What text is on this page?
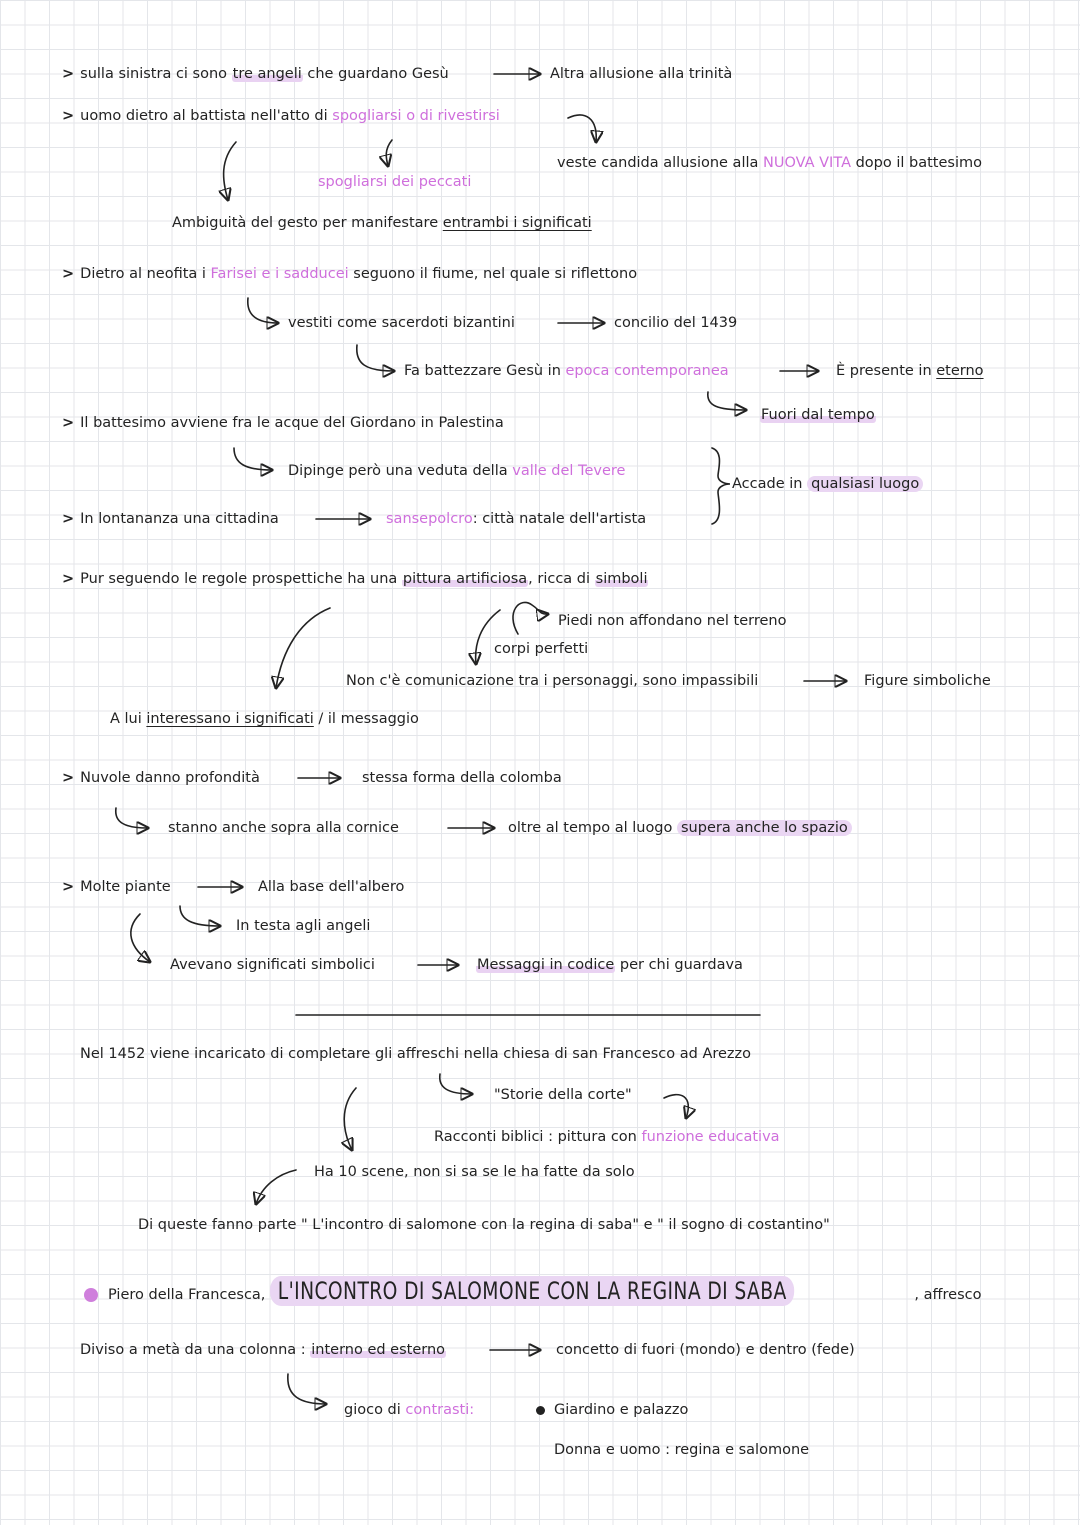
> sulla sinistra ci sono tre angeli che guardano Gesù	Altra allusione alla trinità
> uomo dietro al battista nell'atto di spogliarsi o di rivestirsi
veste candida allusione alla NUOVA VITA dopo il battesimo
spogliarsi dei peccati
Ambiguità del gesto per manifestare entrambi i significati
> Dietro al neofita i Farisei e i sadducei seguono il fiume, nel quale si riflettono
vestiti come sacerdoti bizantini	concilio del 1439
Fa battezzare Gesù in epoca contemporanea	È presente in eterno
Fuori dal tempo
> Il battesimo avviene fra le acque del Giordano in Palestina
Dipinge però una veduta della valle del Tevere
Accade in qualsiasi luogo
> In lontananza una cittadina	sansepolcro: città natale dell'artista
> Pur seguendo le regole prospettiche ha una pittura artificiosa, ricca di simboli
Piedi non affondano nel terreno
corpi perfetti
Non c'è comunicazione tra i personaggi, sono impassibili	Figure simboliche
A lui interessano i significati / il messaggio
> Nuvole danno profondità	stessa forma della colomba
stanno anche sopra alla cornice	oltre al tempo al luogo supera anche lo spazio
> Molte piante	Alla base dell'albero
In testa agli angeli
Avevano significati simbolici	Messaggi in codice per chi guardava
Nel 1452 viene incaricato di completare gli affreschi nella chiesa di san Francesco ad Arezzo
"Storie della corte"
Racconti biblici : pittura con funzione educativa
Ha 10 scene, non si sa se le ha fatte da solo
Di queste fanno parte " L'incontro di salomone con la regina di saba" e " il sogno di costantino"
Piero della Francesca, L'INCONTRO DI SALOMONE CON LA REGINA DI SABA	, affresco
Diviso a metà da una colonna : interno ed esterno	concetto di fuori (mondo) e dentro (fede)
gioco di contrasti:	Giardino e palazzo
Donna e uomo : regina e salomone
